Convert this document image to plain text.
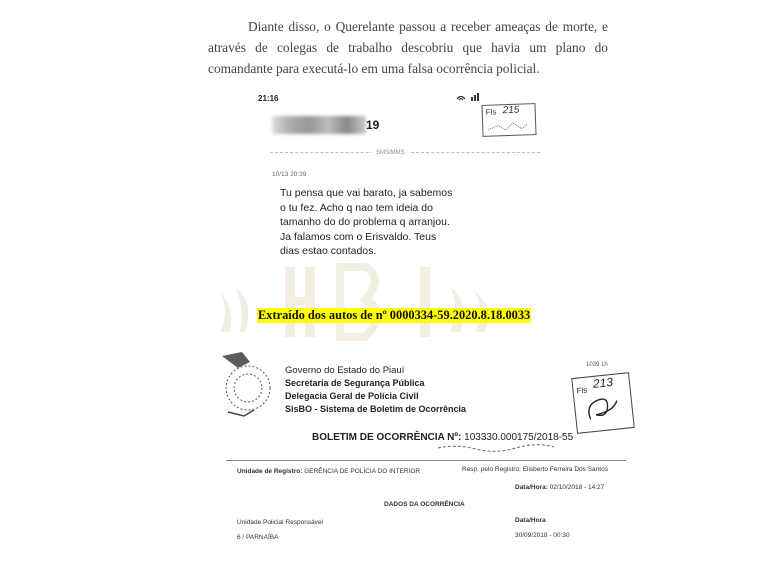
Diante disso, o Querelante passou a receber ameaças de morte, e através de colegas de trabalho descobriu que havia um plano do comandante para executá-lo em uma falsa ocorrência policial.
21:16
Fls 215
19
SMS/MMS
10/13 20:39
Tu pensa que vai barato, ja sabemos o tu fez. Acho q nao tem ideia do tamanho do do problema q arranjou. Ja falamos com o Erisvaldo. Teus dias estao contados.
Extraído dos autos de nº 0000334-59.2020.8.18.0033
Governo do Estado do Piauí
Secretaria de Segurança Pública
Delegacia Geral de Polícia Civil
SisBO - Sistema de Boletim de Ocorrência
1039 1h
Fls 213
BOLETIM DE OCORRÊNCIA Nº: 103330.000175/2018-55
Unidade de Registro: GERÊNCIA DE POLÍCIA DO INTERIOR	Resp. pelo Registro: Elisberto Ferreira Dos Santos
Data/Hora: 02/10/2018 - 14:27
DADOS DA OCORRÊNCIA
Unidade Policial Responsável	Data/Hora
6 / PARNAÍBA	30/09/2018 - 00:30
